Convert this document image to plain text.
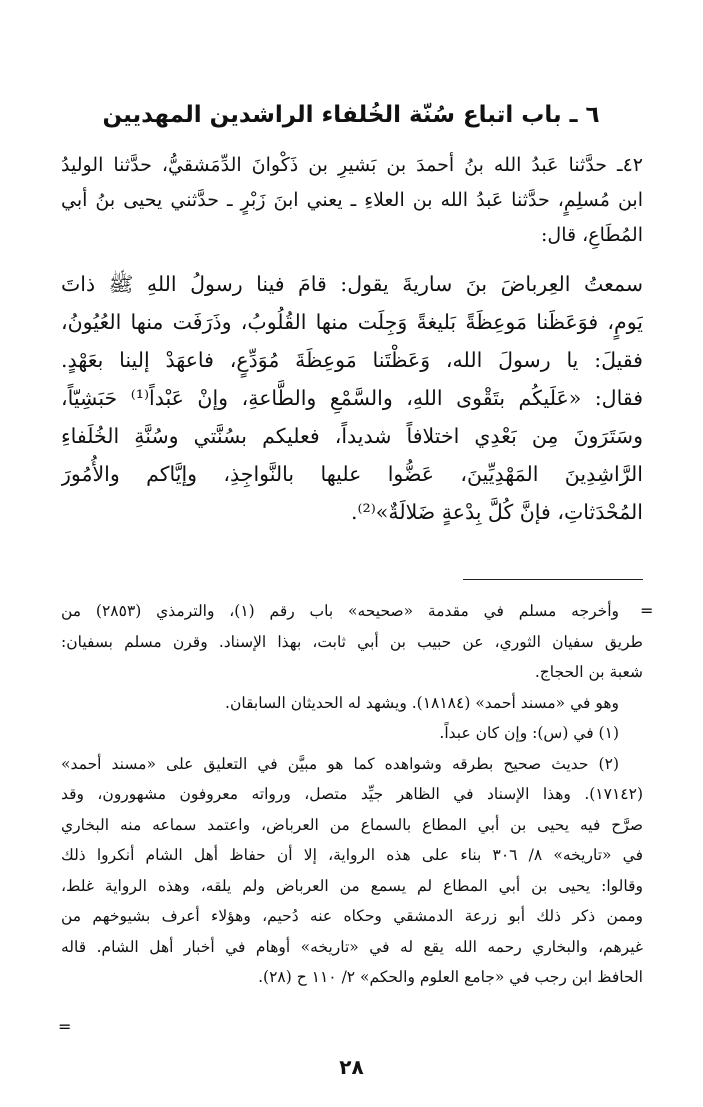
٦ ـ باب اتباع سُنّة الخُلفاء الراشدين المهديين
٤٢ـ حدَّثنا عَبدُ الله بنُ أحمدَ بن بَشيرِ بن ذَكْوانَ الدِّمَشقيُّ، حدَّثنا الوليدُ
ابن مُسلِمٍ، حدَّثنا عَبدُ الله بن العلاءِ ـ يعني ابنَ زَبْرٍ ـ حدَّثني يحيى بنُ أبي
المُطَاعِ، قال:
سمعتُ العِرباضَ بنَ ساريةَ يقول: قامَ فينا رسولُ اللهِ ﷺ ذاتَ
يَومٍ، فوَعَظَنا مَوعِظَةً بَليغةً وَجِلَت منها القُلُوبُ، وذَرَفَت منها العُيُونُ،
فقيلَ: يا رسولَ الله، وَعَظْتَنا مَوعِظَةَ مُوَدِّعٍ، فاعهَدْ إلينا بعَهْدٍ.
فقال: «عَلَيكُم بتَقْوى اللهِ، والسَّمْعِ والطَّاعةِ، وإنْ عَبْداً⁽¹⁾ حَبَشِيّاً،
وسَتَرَونَ مِن بَعْدِي اختلافاً شديداً، فعليكم بسُنَّتي وسُنَّةِ الخُلَفاءِ
الرَّاشِدِينَ المَهْدِيِّينَ، عَضُّوا عليها بالنَّواجِذِ، وإيَّاكم والأُمُورَ
المُحْدَثاتِ، فإنَّ كُلَّ بِدْعةٍ ضَلالَةٌ»⁽²⁾.
=
وأخرجه مسلم في مقدمة «صحيحه» باب رقم (١)، والترمذي (٢٨٥٣) من
طريق سفيان الثوري، عن حبيب بن أبي ثابت، بهذا الإسناد. وقرن مسلم بسفيان:
شعبة بن الحجاج.
وهو في «مسند أحمد» (١٨١٨٤). ويشهد له الحديثان السابقان.
(١) في (س): وإن كان عبداً.
(٢) حديث صحيح بطرقه وشواهده كما هو مبيَّن في التعليق على «مسند أحمد»
(١٧١٤٢). وهذا الإسناد في الظاهر جيِّد متصل، ورواته معروفون مشهورون، وقد
صرَّح فيه يحيى بن أبي المطاع بالسماع من العرباض، واعتمد سماعه منه البخاري
في «تاريخه» ٨/ ٣٠٦ بناء على هذه الرواية، إلا أن حفاظ أهل الشام أنكروا ذلك
وقالوا: يحيى بن أبي المطاع لم يسمع من العرباض ولم يلقه، وهذه الرواية غلط،
وممن ذكر ذلك أبو زرعة الدمشقي وحكاه عنه دُحيم، وهؤلاء أعرف بشيوخهم من
غيرهم، والبخاري رحمه الله يقع له في «تاريخه» أوهام في أخبار أهل الشام. قاله
الحافظ ابن رجب في «جامع العلوم والحكم» ٢/ ١١٠ ح (٢٨).
=
٢٨
